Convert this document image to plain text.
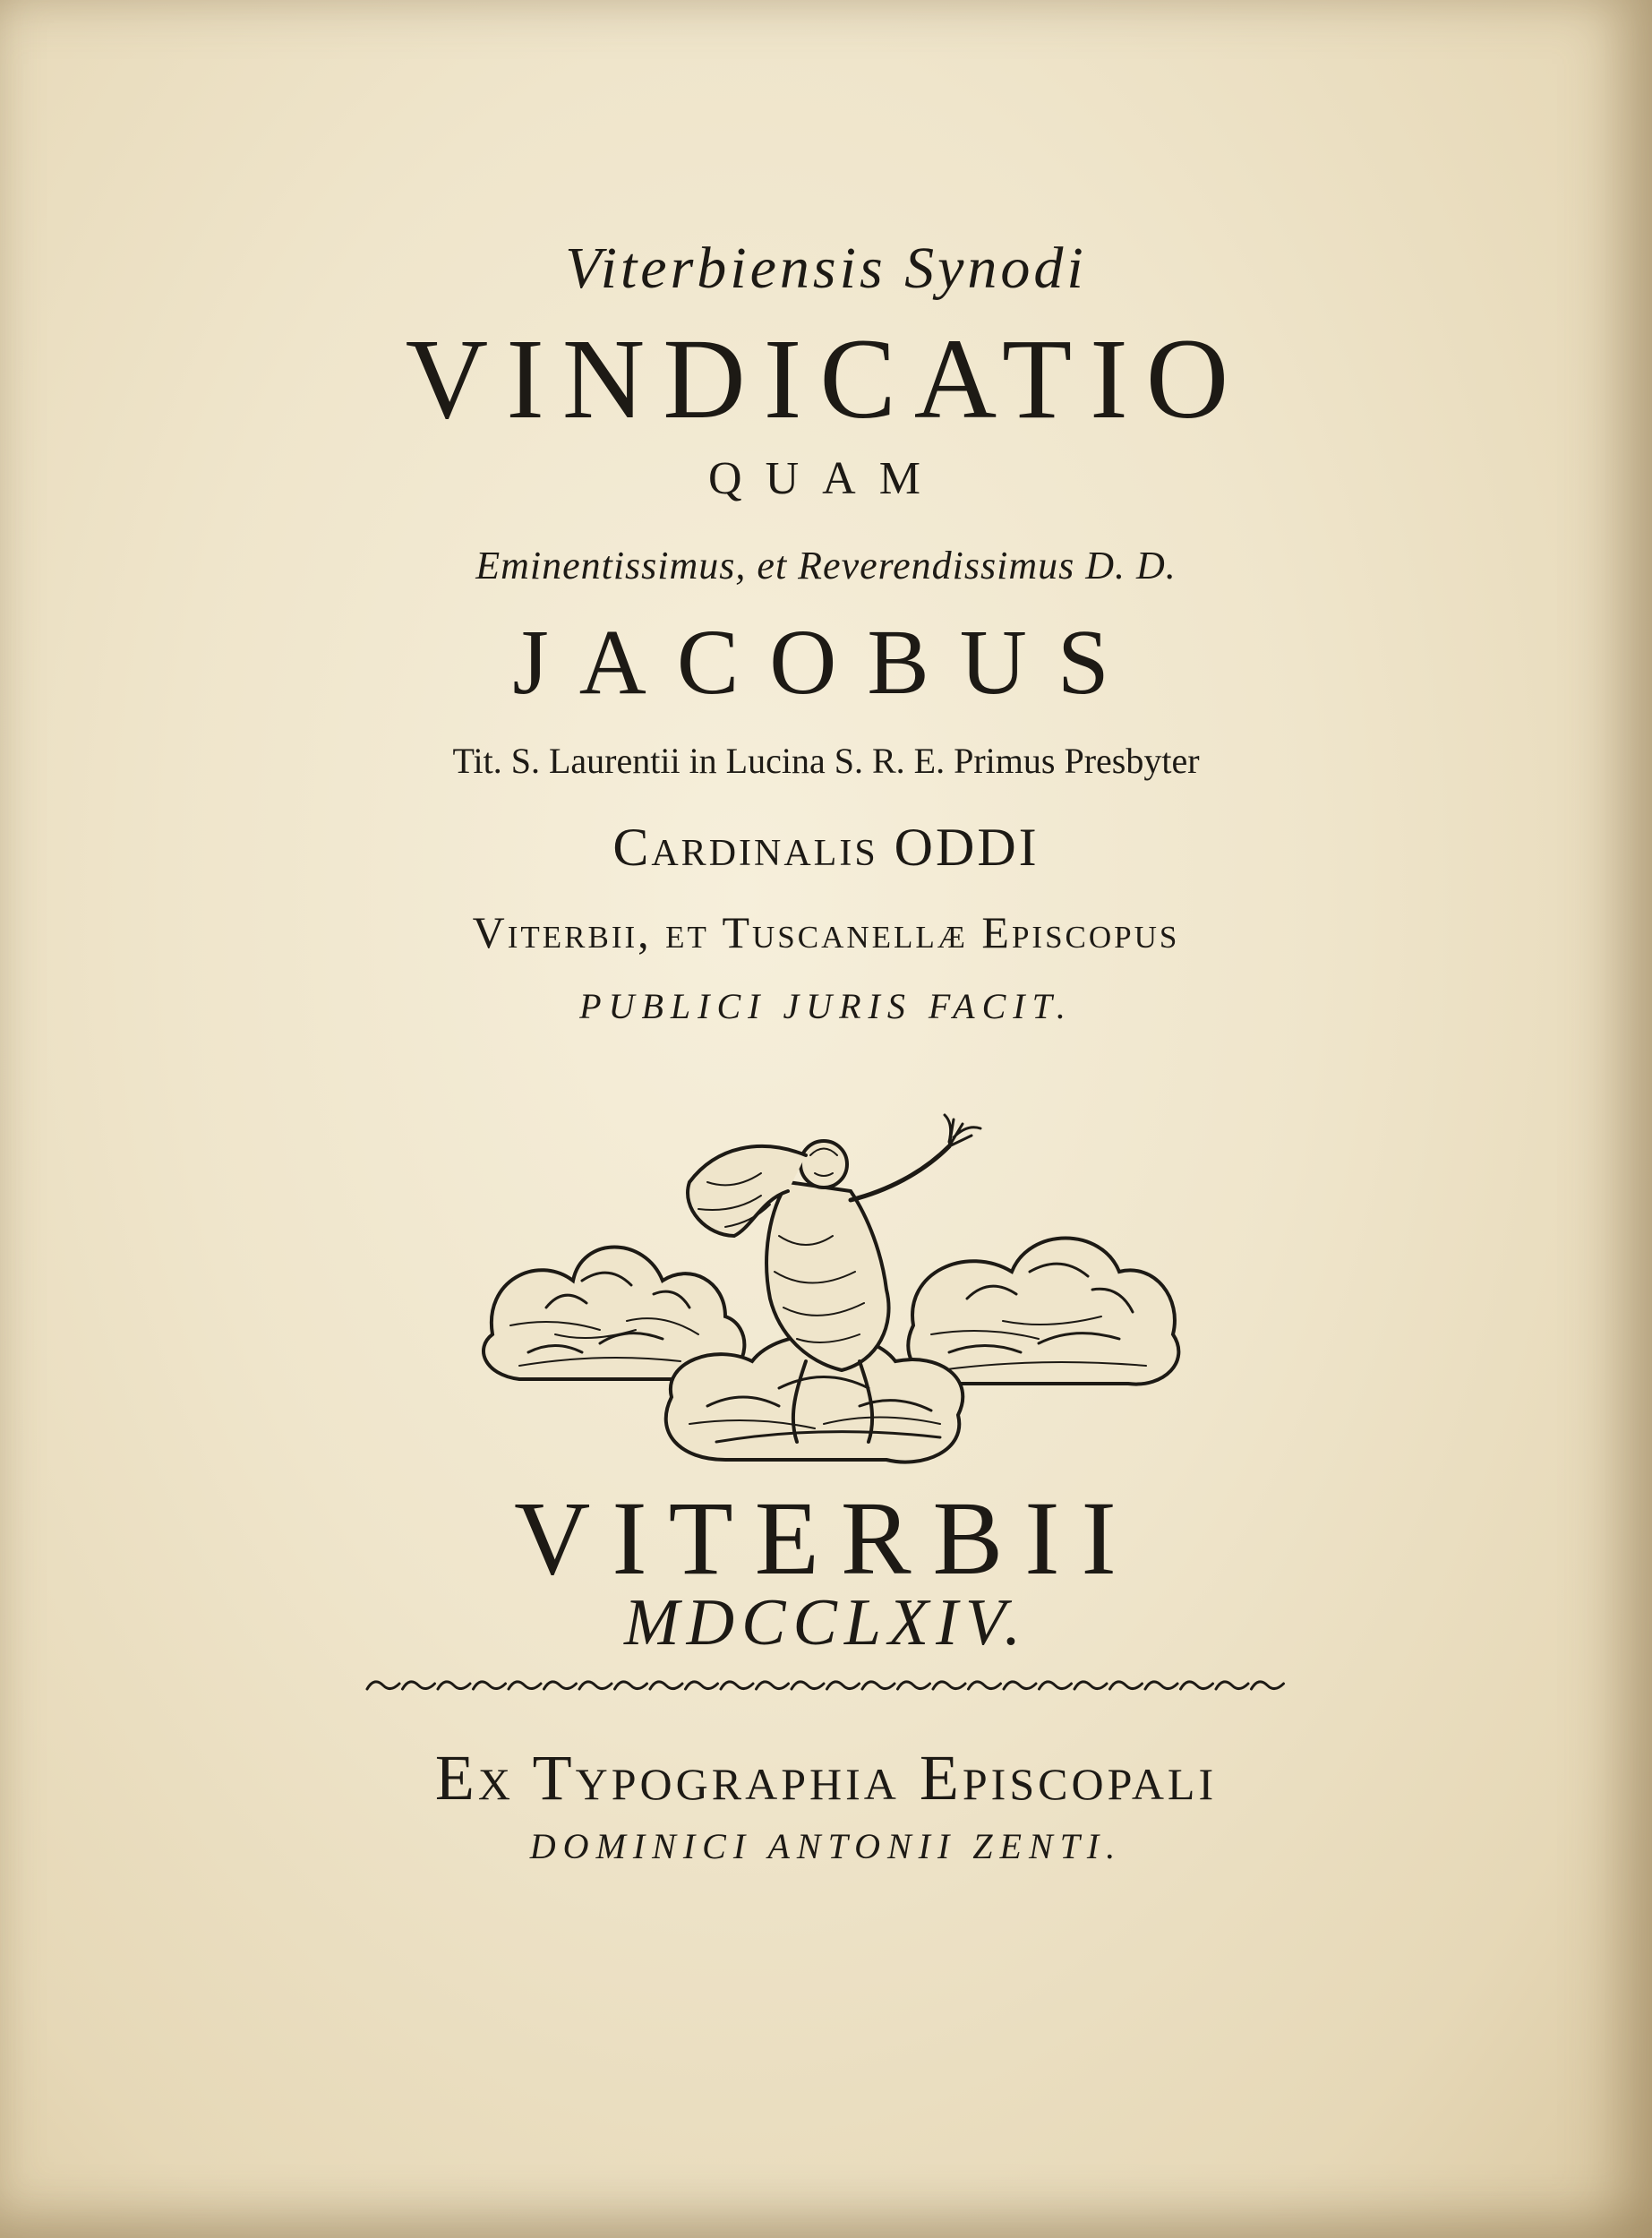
Viterbiensis Synodi
VINDICATIO
QUAM
Eminentissimus, et Reverendissimus D. D.
JACOBUS
Tit. S. Laurentii in Lucina S. R. E. Primus Presbyter
Cardinalis ODDI
Viterbii, et Tuscanellæ Episcopus
PUBLICI JURIS FACIT.
VITERBII
MDCCLXIV.
Ex Typographia Episcopali
DOMINICI ANTONII ZENTI.
